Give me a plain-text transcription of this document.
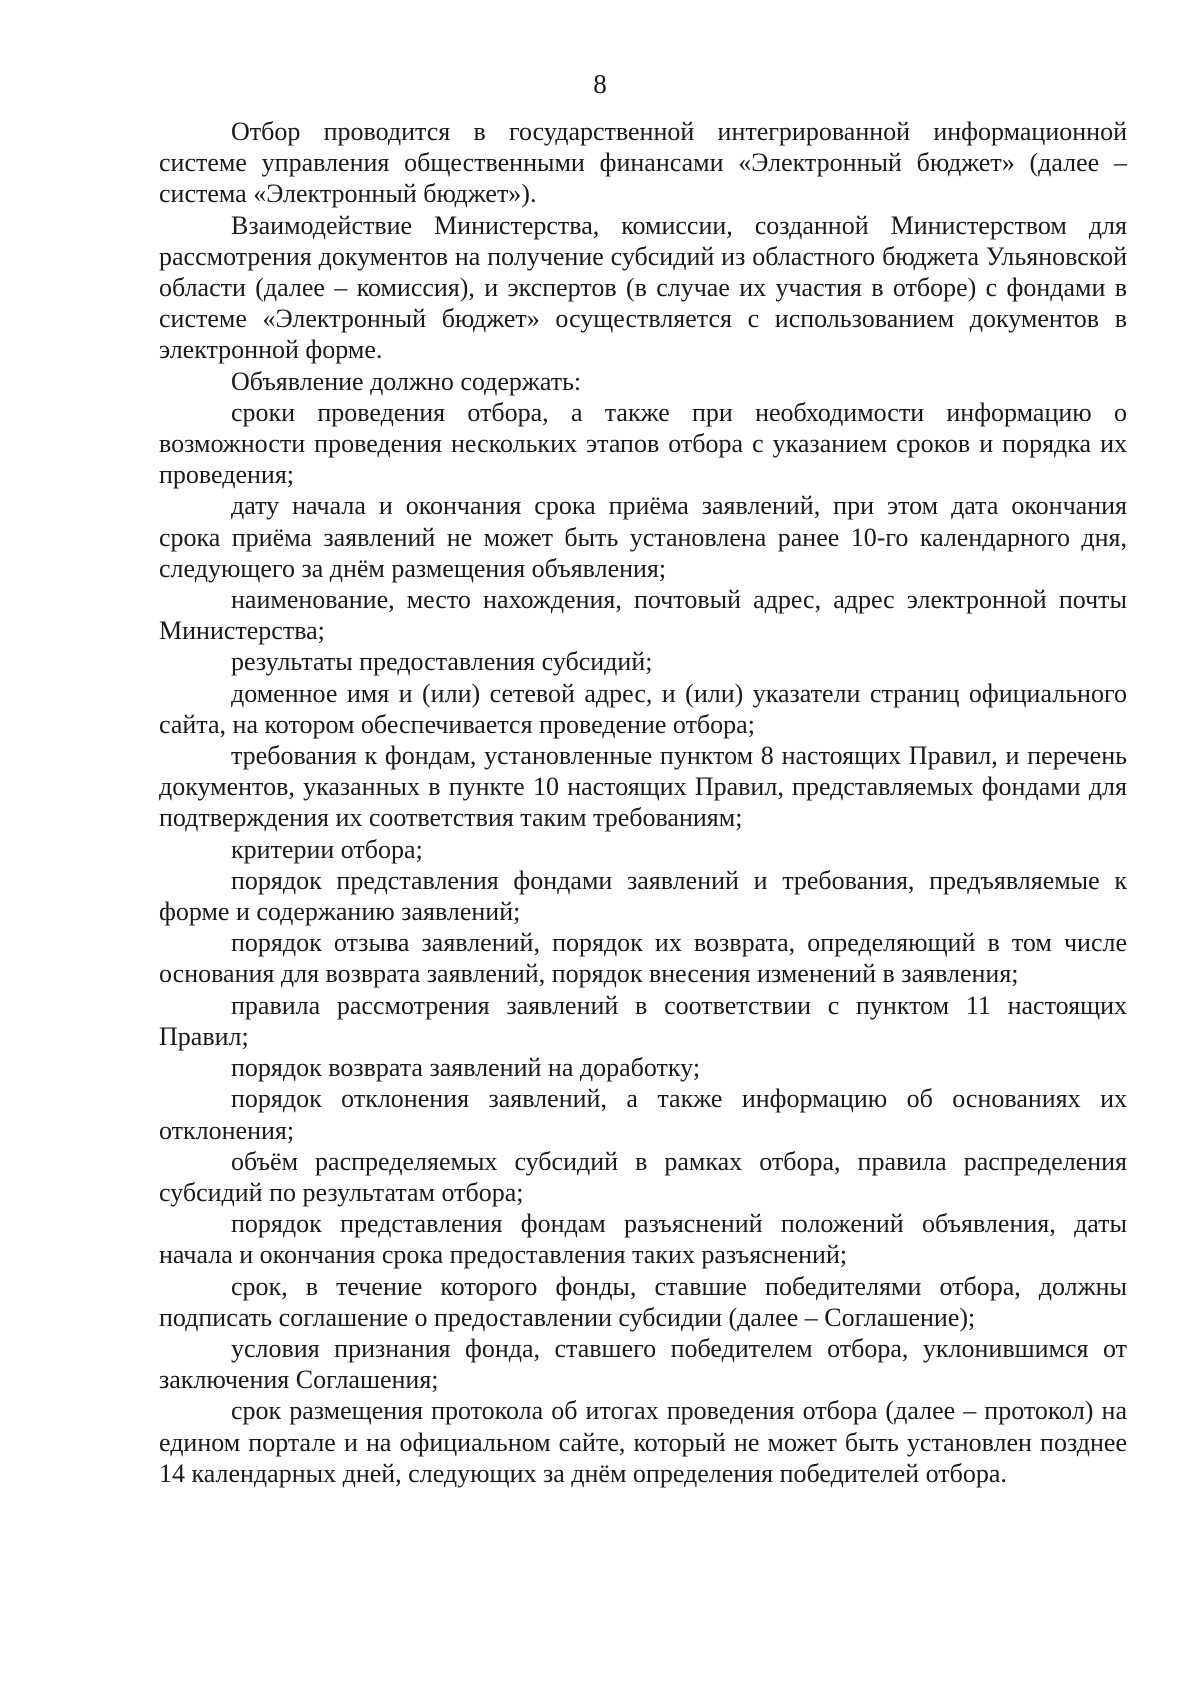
8

Отбор проводится в государственной интегрированной информационной системе управления общественными финансами «Электронный бюджет» (далее – система «Электронный бюджет»).

Взаимодействие Министерства, комиссии, созданной Министерством для рассмотрения документов на получение субсидий из областного бюджета Ульяновской области (далее – комиссия), и экспертов (в случае их участия в отборе) с фондами в системе «Электронный бюджет» осуществляется с использованием документов в электронной форме.

Объявление должно содержать:

сроки проведения отбора, а также при необходимости информацию о возможности проведения нескольких этапов отбора с указанием сроков и порядка их проведения;

дату начала и окончания срока приёма заявлений, при этом дата окончания срока приёма заявлений не может быть установлена ранее 10-го календарного дня, следующего за днём размещения объявления;

наименование, место нахождения, почтовый адрес, адрес электронной почты Министерства;

результаты предоставления субсидий;

доменное имя и (или) сетевой адрес, и (или) указатели страниц официального сайта, на котором обеспечивается проведение отбора;

требования к фондам, установленные пунктом 8 настоящих Правил, и перечень документов, указанных в пункте 10 настоящих Правил, представляемых фондами для подтверждения их соответствия таким требованиям;

критерии отбора;

порядок представления фондами заявлений и требования, предъявляемые к форме и содержанию заявлений;

порядок отзыва заявлений, порядок их возврата, определяющий в том числе основания для возврата заявлений, порядок внесения изменений в заявления;

правила рассмотрения заявлений в соответствии с пунктом 11 настоящих Правил;

порядок возврата заявлений на доработку;

порядок отклонения заявлений, а также информацию об основаниях их отклонения;

объём распределяемых субсидий в рамках отбора, правила распределения субсидий по результатам отбора;

порядок представления фондам разъяснений положений объявления, даты начала и окончания срока предоставления таких разъяснений;

срок, в течение которого фонды, ставшие победителями отбора, должны подписать соглашение о предоставлении субсидии (далее – Соглашение);

условия признания фонда, ставшего победителем отбора, уклонившимся от заключения Соглашения;

срок размещения протокола об итогах проведения отбора (далее – протокол) на едином портале и на официальном сайте, который не может быть установлен позднее 14 календарных дней, следующих за днём определения победителей отбора.
